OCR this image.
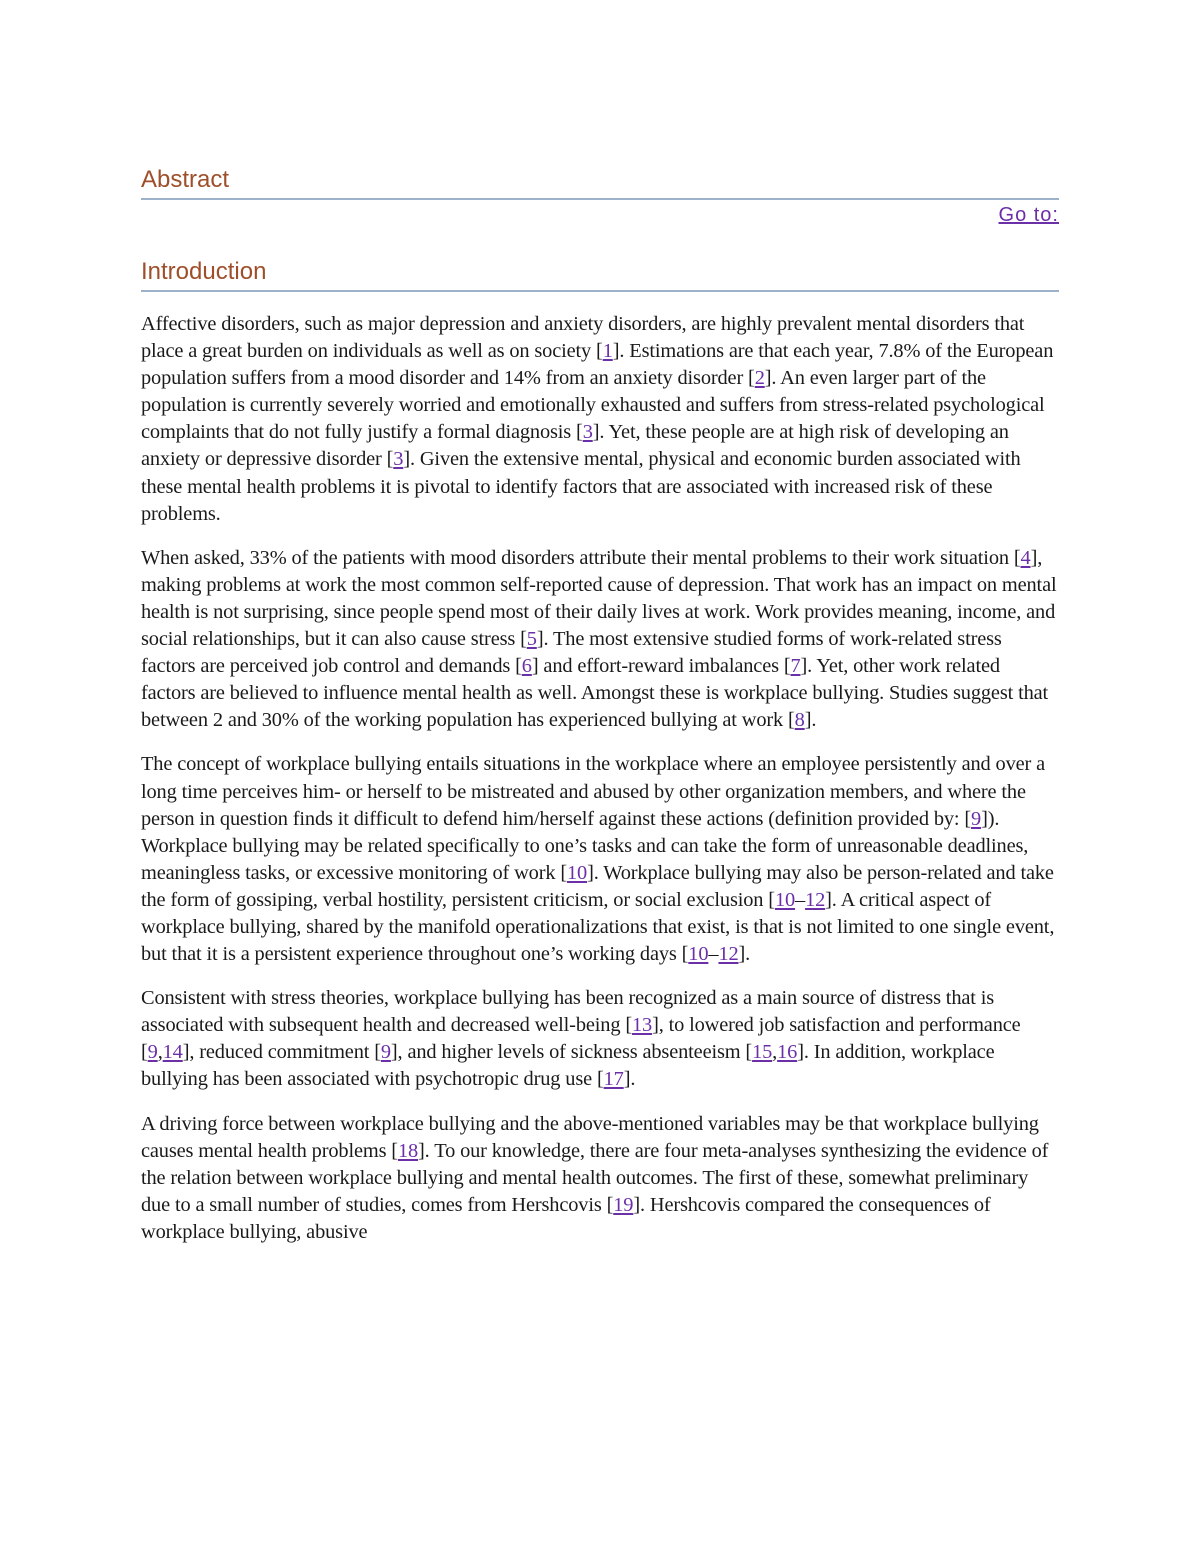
Abstract
Go to:
Introduction

Affective disorders, such as major depression and anxiety disorders, are highly prevalent mental disorders that place a great burden on individuals as well as on society [1]. Estimations are that each year, 7.8% of the European population suffers from a mood disorder and 14% from an anxiety disorder [2]. An even larger part of the population is currently severely worried and emotionally exhausted and suffers from stress-related psychological complaints that do not fully justify a formal diagnosis [3]. Yet, these people are at high risk of developing an anxiety or depressive disorder [3]. Given the extensive mental, physical and economic burden associated with these mental health problems it is pivotal to identify factors that are associated with increased risk of these problems.

When asked, 33% of the patients with mood disorders attribute their mental problems to their work situation [4], making problems at work the most common self-reported cause of depression. That work has an impact on mental health is not surprising, since people spend most of their daily lives at work. Work provides meaning, income, and social relationships, but it can also cause stress [5]. The most extensive studied forms of work-related stress factors are perceived job control and demands [6] and effort-reward imbalances [7]. Yet, other work related factors are believed to influence mental health as well. Amongst these is workplace bullying. Studies suggest that between 2 and 30% of the working population has experienced bullying at work [8].

The concept of workplace bullying entails situations in the workplace where an employee persistently and over a long time perceives him- or herself to be mistreated and abused by other organization members, and where the person in question finds it difficult to defend him/herself against these actions (definition provided by: [9]). Workplace bullying may be related specifically to one’s tasks and can take the form of unreasonable deadlines, meaningless tasks, or excessive monitoring of work [10]. Workplace bullying may also be person-related and take the form of gossiping, verbal hostility, persistent criticism, or social exclusion [10–12]. A critical aspect of workplace bullying, shared by the manifold operationalizations that exist, is that is not limited to one single event, but that it is a persistent experience throughout one’s working days [10–12].

Consistent with stress theories, workplace bullying has been recognized as a main source of distress that is associated with subsequent health and decreased well-being [13], to lowered job satisfaction and performance [9,14], reduced commitment [9], and higher levels of sickness absenteeism [15,16]. In addition, workplace bullying has been associated with psychotropic drug use [17].

A driving force between workplace bullying and the above-mentioned variables may be that workplace bullying causes mental health problems [18]. To our knowledge, there are four meta-analyses synthesizing the evidence of the relation between workplace bullying and mental health outcomes. The first of these, somewhat preliminary due to a small number of studies, comes from Hershcovis [19]. Hershcovis compared the consequences of workplace bullying, abusive
